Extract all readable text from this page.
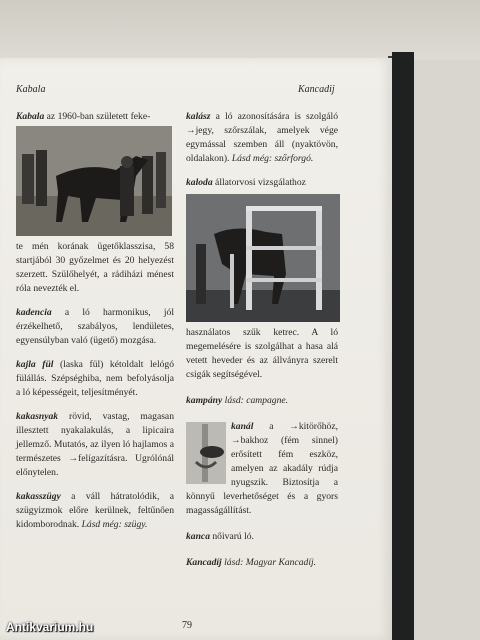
Kabala	Kancadij

Kabala az 1960-ban született feke-

te mén korának ügetőklasszisa, 58 startjából 30 győzelmet és 20 helyezést szerzett. Szülőhelyét, a rádiházi ménest róla nevezték el.

kadencia a ló harmonikus, jól érzékelhető, szabályos, lendületes, egyensúlyban való (ügető) mozgása.

kajla fül (laska fül) kétoldalt lelógó fülállás. Szépséghiba, nem befolyásolja a ló képességeit, teljesítményét.

kakasnyak rövid, vastag, magasan illesztett nyakalakulás, a lipicaira jellemző. Mutatós, az ilyen ló hajlamos a természetes →felígazításra. Ugrólónál előnytelen.

kakasszügy a váll hátratolódik, a szügyizmok előre kerülnek, feltűnően kidomborodnak. Lásd még: szügy.

kalász a ló azonosítására is szolgáló →jegy, szőrszálak, amelyek vége egymással szemben áll (nyaktövön, oldalakon). Lásd még: szőrforgó.

kaloda állatorvosi vizsgálathoz

használatos szűk ketrec. A ló megemelésére is szolgálhat a hasa alá vetett heveder és az állványra szerelt csigák segítségével.

kampány lásd: campagne.

kanál a →kitörőhöz, →bakhoz (fém sinnel) erősített fém eszköz, amelyen az akadály rúdja nyugszik. Biztosítja a könnyű leverhetőséget és a gyors magasságállítást.

kanca nőivarú ló.

Kancadíj lásd: Magyar Kancadíj.

79
Antikvarium.hu
